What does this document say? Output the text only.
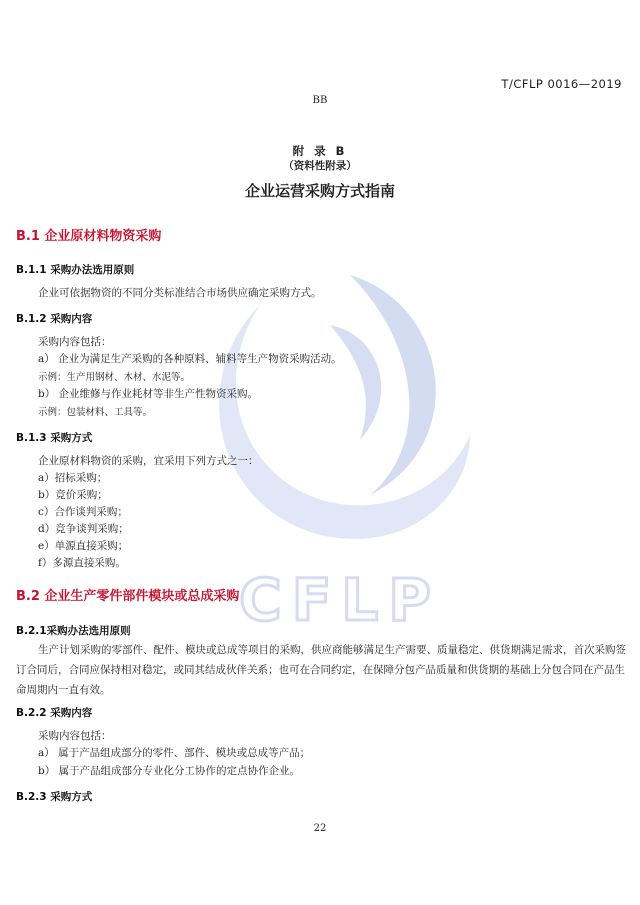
CFLP
T/CFLP 0016—2019
BB
附 录 B
（资料性附录）
企业运营采购方式指南
B.1 企业原材料物资采购
B.1.1 采购办法选用原则
企业可依据物资的不同分类标准结合市场供应确定采购方式。
B.1.2 采购内容
采购内容包括：
a） 企业为满足生产采购的各种原料、辅料等生产物资采购活动。
示例：生产用钢材、木材、水泥等。
b） 企业维修与作业耗材等非生产性物资采购。
示例：包装材料、工具等。
B.1.3 采购方式
企业原材料物资的采购，宜采用下列方式之一：
a）招标采购；
b）竞价采购；
c）合作谈判采购；
d）竞争谈判采购；
e）单源直接采购；
f）多源直接采购。
B.2 企业生产零件部件模块或总成采购
B.2.1采购办法选用原则
生产计划采购的零部件、配件、模块或总成等项目的采购，供应商能够满足生产需要、质量稳定、供货期满足需求，首次采购签订合同后，合同应保持相对稳定，或同其结成伙伴关系；也可在合同约定，在保障分包产品质量和供货期的基础上分包合同在产品生命周期内一直有效。
B.2.2 采购内容
采购内容包括：
a） 属于产品组成部分的零件、部件、模块或总成等产品；
b） 属于产品组成部分专业化分工协作的定点协作企业。
B.2.3 采购方式
22
